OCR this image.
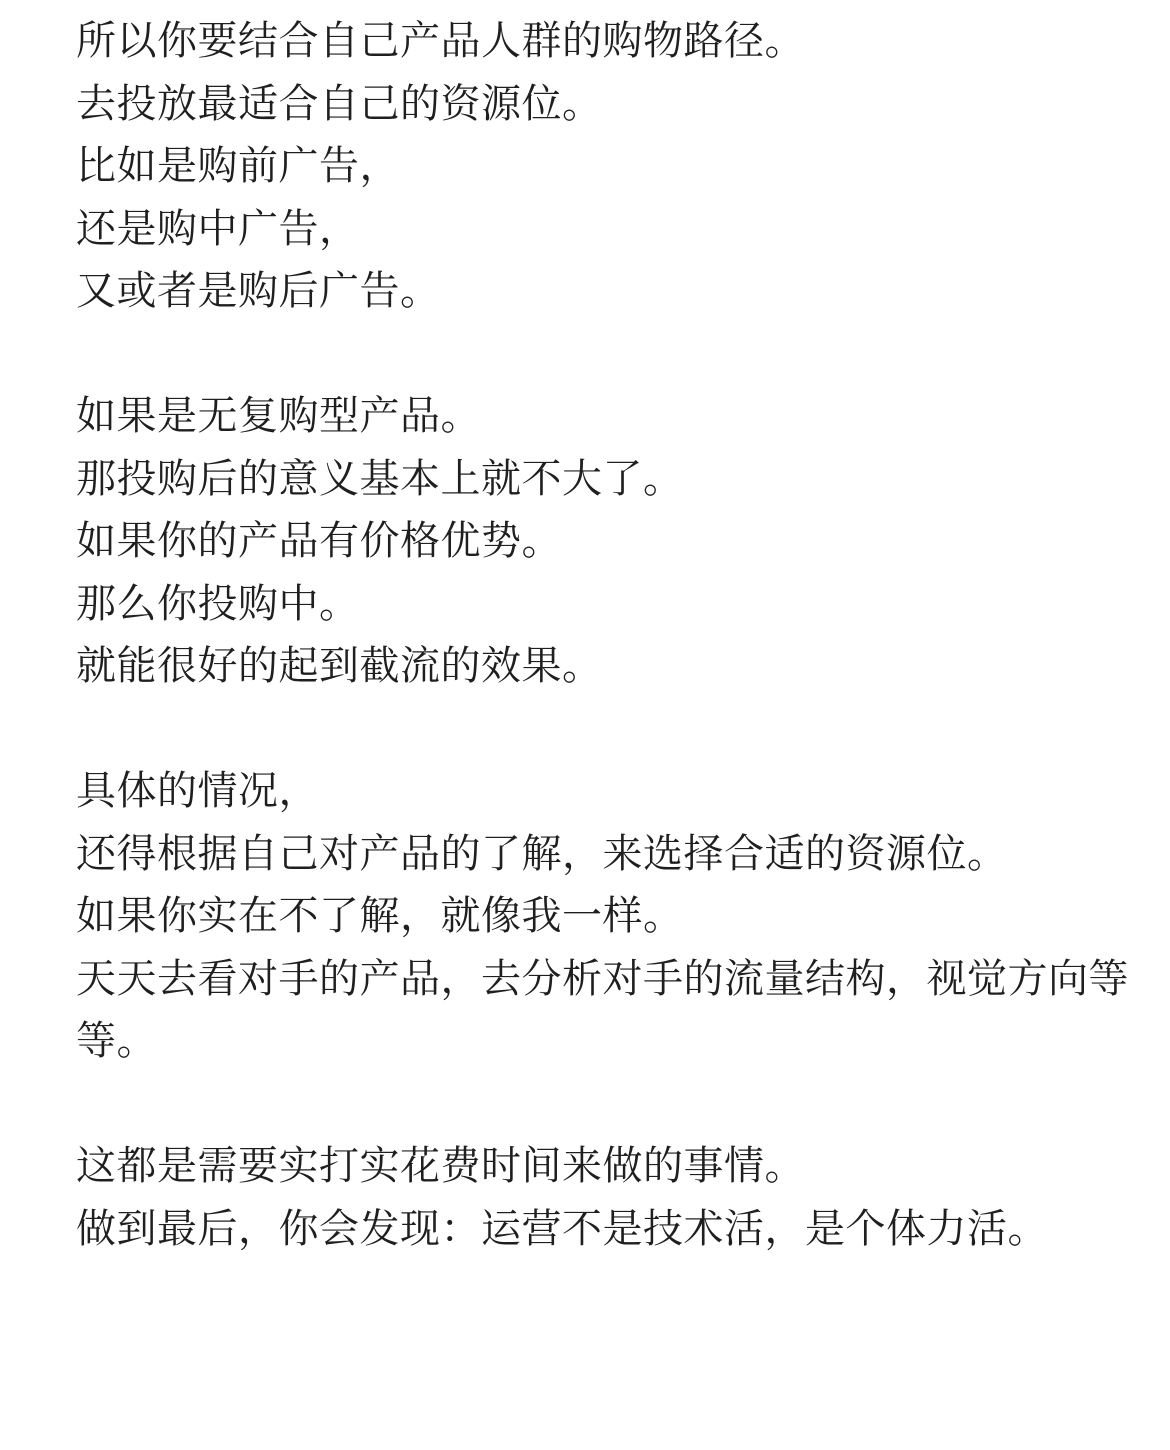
所以你要结合自己产品人群的购物路径。
去投放最适合自己的资源位。
比如是购前广告，
还是购中广告，
又或者是购后广告。
如果是无复购型产品。
那投购后的意义基本上就不大了。
如果你的产品有价格优势。
那么你投购中。
就能很好的起到截流的效果。
具体的情况，
还得根据自己对产品的了解，来选择合适的资源位。
如果你实在不了解，就像我一样。
天天去看对手的产品，去分析对手的流量结构，视觉方向等等。
这都是需要实打实花费时间来做的事情。
做到最后，你会发现：运营不是技术活，是个体力活。
